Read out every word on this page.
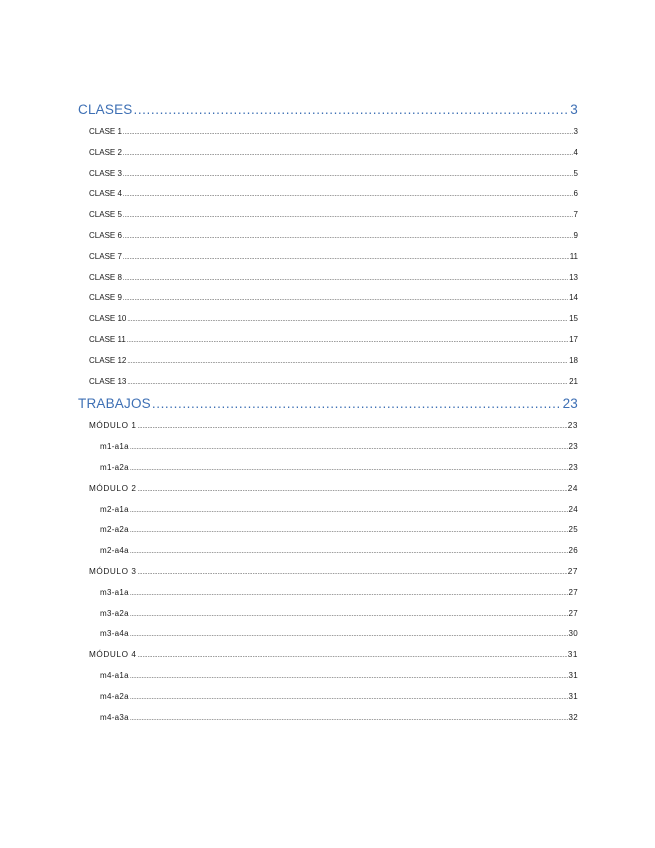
CLASES .....	3
CLASE 1 .....	3
CLASE 2 .....	4
CLASE 3 .....	5
CLASE 4 .....	6
CLASE 5 .....	7
CLASE 6 .....	9
CLASE 7 .....	11
CLASE 8 .....	13
CLASE 9 .....	14
CLASE 10 .....	15
CLASE 11 .....	17
CLASE 12 .....	18
CLASE 13 .....	21
TRABAJOS .....	23
MÓDULO 1 .....	23
m1-a1a .....	23
m1-a2a .....	23
MÓDULO 2 .....	24
m2-a1a .....	24
m2-a2a .....	25
m2-a4a .....	26
MÓDULO 3 .....	27
m3-a1a .....	27
m3-a2a .....	27
m3-a4a .....	30
MÓDULO 4 .....	31
m4-a1a .....	31
m4-a2a .....	31
m4-a3a .....	32
